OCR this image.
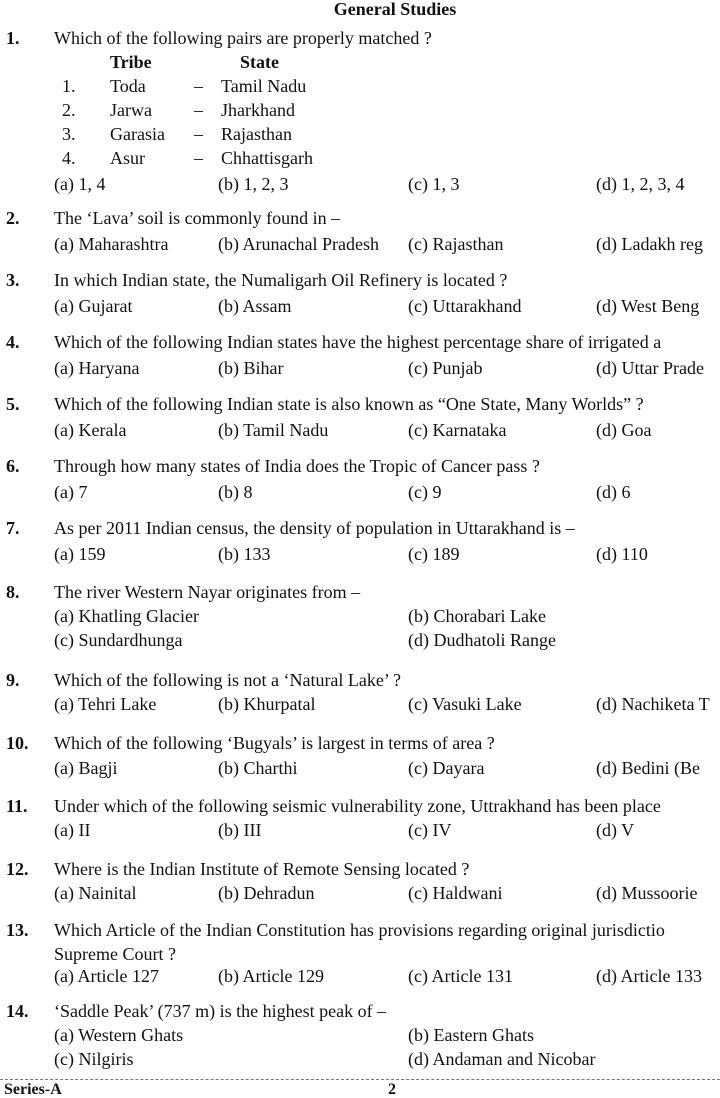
General Studies
1. Which of the following pairs are properly matched ?
Tribe	State
1. Toda	– Tamil Nadu
2. Jarwa – Jharkhand
3. Garasia – Rajasthan
4. Asur	– Chhattisgarh
(a) 1, 4	(b) 1, 2, 3	(c) 1, 3	(d) 1, 2, 3, 4
2. The ‘Lava’ soil is commonly found in –
(a) Maharashtra	(b) Arunachal Pradesh (c) Rajasthan	(d) Ladakh reg
3. In which Indian state, the Numaligarh Oil Refinery is located ?
(a) Gujarat	(b) Assam	(c) Uttarakhand	(d) West Beng
4. Which of the following Indian states have the highest percentage share of irrigated a
(a) Haryana	(b) Bihar	(c) Punjab	(d) Uttar Prade
5. Which of the following Indian state is also known as “One State, Many Worlds” ?
(a) Kerala	(b) Tamil Nadu	(c) Karnataka	(d) Goa
6. Through how many states of India does the Tropic of Cancer pass ?
(a) 7	(b) 8	(c) 9	(d) 6
7. As per 2011 Indian census, the density of population in Uttarakhand is –
(a) 159	(b) 133	(c) 189	(d) 110
8. The river Western Nayar originates from –
(a) Khatling Glacier	(b) Chorabari Lake
(c) Sundardhunga	(d) Dudhatoli Range
9. Which of the following is not a ‘Natural Lake’ ?
(a) Tehri Lake	(b) Khurpatal	(c) Vasuki Lake	(d) Nachiketa T
10. Which of the following ‘Bugyals’ is largest in terms of area ?
(a) Bagji	(b) Charthi	(c) Dayara	(d) Bedini (Be
11. Under which of the following seismic vulnerability zone, Uttrakhand has been place
(a) II	(b) III	(c) IV	(d) V
12. Where is the Indian Institute of Remote Sensing located ?
(a) Nainital	(b) Dehradun	(c) Haldwani	(d) Mussoorie
13. Which Article of the Indian Constitution has provisions regarding original jurisdictio
Supreme Court ?
(a) Article 127	(b) Article 129	(c) Article 131	(d) Article 133
14. ‘Saddle Peak’ (737 m) is the highest peak of –
(a) Western Ghats	(b) Eastern Ghats
(c) Nilgiris	(d) Andaman and Nicobar
Series-A	2
